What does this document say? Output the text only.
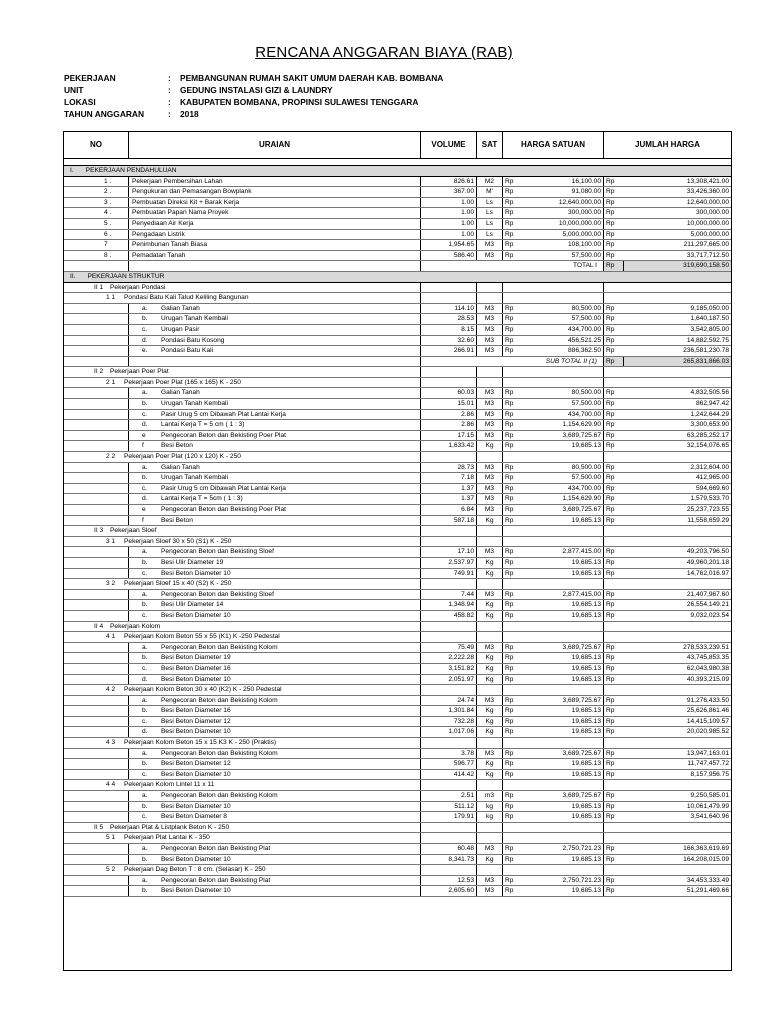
RENCANA ANGGARAN BIAYA (RAB)
PEKERJAAN	: PEMBANGUNAN RUMAH SAKIT UMUM DAERAH KAB. BOMBANA
UNIT	: GEDUNG INSTALASI GIZI & LAUNDRY
LOKASI	: KABUPATEN BOMBANA, PROPINSI SULAWESI TENGGARA
TAHUN ANGGARAN	: 2018
NO	URAIAN	VOLUME	SAT	HARGA SATUAN	JUMLAH HARGA
I. PEKERJAAN PENDAHULUAN
1 .	Pekerjaan Pembersihan Lahan	826.61	M2	Rp	16,100.00 Rp	13,308,421.00
2 .	Pengukuran dan Pemasangan Bowplank	367.00	M'	Rp	91,080.00 Rp	33,426,360.00
3 .	Pembuatan Direksi Kit + Barak Kerja	1.00	Ls	Rp	12,640,000.00 Rp	12,640,000.00
4 .	Pembuatan Papan Nama Proyek	1.00	Ls	Rp	300,000.00 Rp	300,000.00
5 .	Penyediaan Air Kerja	1.00	Ls	Rp	10,000,000.00 Rp	10,000,000.00
6 .	Pengadaan Listrik	1.00	Ls	Rp	5,000,000.00 Rp	5,000,000.00
7	Penimbunan Tanah Biasa	1,954.65	M3	Rp	108,100.00 Rp	211,297,665.00
8 .	Pemadatan Tanah	586.40	M3	Rp	57,500.00 Rp	33,717,712.50
TOTAL I	Rp	319,690,158.50
II. PEKERJAAN STRUKTUR
II 1	Pekerjaan Pondasi
1 1	Pondasi Batu Kali Talud Keliling Bangunan
a.	Galian Tanah	114.10	M3	Rp	80,500.00 Rp	9,185,050.00
b.	Urugan Tanah Kembali	28.53	M3	Rp	57,500.00 Rp	1,640,187.50
c.	Urugan Pasir	8.15	M3	Rp	434,700.00 Rp	3,542,805.00
d.	Pondasi Batu Kosong	32.60	M3	Rp	456,521.25 Rp	14,882,592.75
e.	Pondasi Batu Kali	266.91	M3	Rp	886,362.50 Rp	236,581,230.78
SUB TOTAL II (1)	Rp	265,831,866.03
II 2	Pekerjaan Poer Plat
2 1	Pekerjaan Poer Plat (165 x 165) K - 250
a.	Galian Tanah	60.03	M3	Rp	80,500.00 Rp	4,832,505.56
b.	Urugan Tanah Kembali	15.01	M3	Rp	57,500.00 Rp	862,947.42
c.	Pasir Urug 5 cm Dibawah Plat Lantai Kerja	2.86	M3	Rp	434,700.00 Rp	1,242,644.29
d.	Lantai Kerja T = 5 cm ( 1 : 3)	2.86	M3	Rp	1,154,629.90 Rp	3,300,653.90
e	Pengecoran Beton dan Bekisting Poer Plat	17.15	M3	Rp	3,689,725.67 Rp	63,285,252.17
f	Besi Beton	1,633.42	Kg	Rp	19,685.13 Rp	32,154,076.65
2 2	Pekerjaan Poer Plat (120 x 120) K - 250
a.	Galian Tanah	28.73	M3	Rp	80,500.00 Rp	2,312,604.00
b.	Urugan Tanah Kembali	7.18	M3	Rp	57,500.00 Rp	412,965.00
c.	Pasir Urug 5 cm Dibawah Plat Lantai Kerja	1.37	M3	Rp	434,700.00 Rp	594,669.60
d.	Lantai Kerja T = 5cm ( 1 : 3)	1.37	M3	Rp	1,154,629.90 Rp	1,579,533.70
e	Pengecoran Beton dan Bekisting Poer Plat	6.84	M3	Rp	3,689,725.67 Rp	25,237,723.55
f	Besi Beton	587.18	Kg	Rp	19,685.13 Rp	11,558,659.29
II 3	Pekerjaan Sloef
3 1	Pekerjaan Sloef 30 x 50 (S1) K - 250
a.	Pengecoran Beton dan Bekisting Sloef	17.10	M3	Rp	2,877,415.00 Rp	49,203,796.50
b.	Besi Ulir Diameter 19	2,537.97	Kg	Rp	19,685.13 Rp	49,960,201.18
c.	Besi Beton Diameter 10	749.91	Kg	Rp	19,685.13 Rp	14,762,016.97
3 2	Pekerjaan Sloef 15 x 40 (S2) K - 250
a.	Pengecoran Beton dan Bekisting Sloef	7.44	M3	Rp	2,877,415.00 Rp	21,407,967.60
b.	Besi Ulir Diameter 14	1,348.94	Kg	Rp	19,685.13 Rp	26,554,149.21
c.	Besi Beton Diameter 10	458.82	Kg	Rp	19,685.13 Rp	9,032,023.54
II 4	Pekerjaan Kolom
4 1	Pekerjaan Kolom Beton 55 x 55 (K1) K -250 Pedestal
a.	Pengecoran Beton dan Bekisting Kolom	75.49	M3	Rp	3,689,725.67 Rp	278,533,239.51
b.	Besi Beton Diameter 19	2,222.28	Kg	Rp	19,685.13 Rp	43,745,853.35
c.	Besi Beton Diameter 16	3,151.82	Kg	Rp	19,685.13 Rp	62,043,980.38
d.	Besi Beton Diameter 10	2,051.97	Kg	Rp	19,685.13 Rp	40,393,215.09
4 2	Pekerjaan Kolom Beton 30 x 40 (K2) K - 250 Pedestal
a.	Pengecoran Beton dan Bekisting Kolom	24.74	M3	Rp	3,689,725.67 Rp	91,276,433.50
b.	Besi Beton Diameter 16	1,301.84	Kg	Rp	19,685.13 Rp	25,626,861.46
c.	Besi Beton Diameter 12	732.28	Kg	Rp	19,685.13 Rp	14,415,109.57
d.	Besi Beton Diameter 10	1,017.06	Kg	Rp	19,685.13 Rp	20,020,985.52
4 3	Pekerjaan Kolom Beton 15 x 15 K3 K - 250 (Praktis)
a.	Pengecoran Beton dan Bekisting Kolom	3.78	M3	Rp	3,689,725.67 Rp	13,947,163.01
b.	Besi Beton Diameter 12	596.77	Kg	Rp	19,685.13 Rp	11,747,457.72
c.	Besi Beton Diameter 10	414.42	Kg	Rp	19,685.13 Rp	8,157,956.75
4 4	Pekerjaan Kolom Lintel 11 x 11
a.	Pengecoran Beton dan Bekisting Kolom	2.51	m3	Rp	3,689,725.67 Rp	9,250,585.01
b.	Besi Beton Diameter 10	511.12	kg	Rp	19,685.13 Rp	10,061,479.99
c.	Besi Beton Diameter 8	179.91	kg	Rp	19,685.13 Rp	3,541,640.96
II 5	Pekerjaan Plat & Listplank Beton K - 250
5 1	Pekerjaan Plat Lantai K - 350
a.	Pengecoran Beton dan Bekisting Plat	60.48	M3	Rp	2,750,721.23 Rp	166,363,619.69
b.	Besi Beton Diameter 10	8,341.73	Kg	Rp	19,685.13 Rp	164,208,015.09
5 2	Pekerjaan Dag Beton T : 8 cm. (Selasar) K - 250
a.	Pengecoran Beton dan Bekisting Plat	12.53	M3	Rp	2,750,721.23 Rp	34,453,333.49
b.	Besi Beton Diameter 10	2,605.60	M3	Rp	19,685.13 Rp	51,291,469.66
